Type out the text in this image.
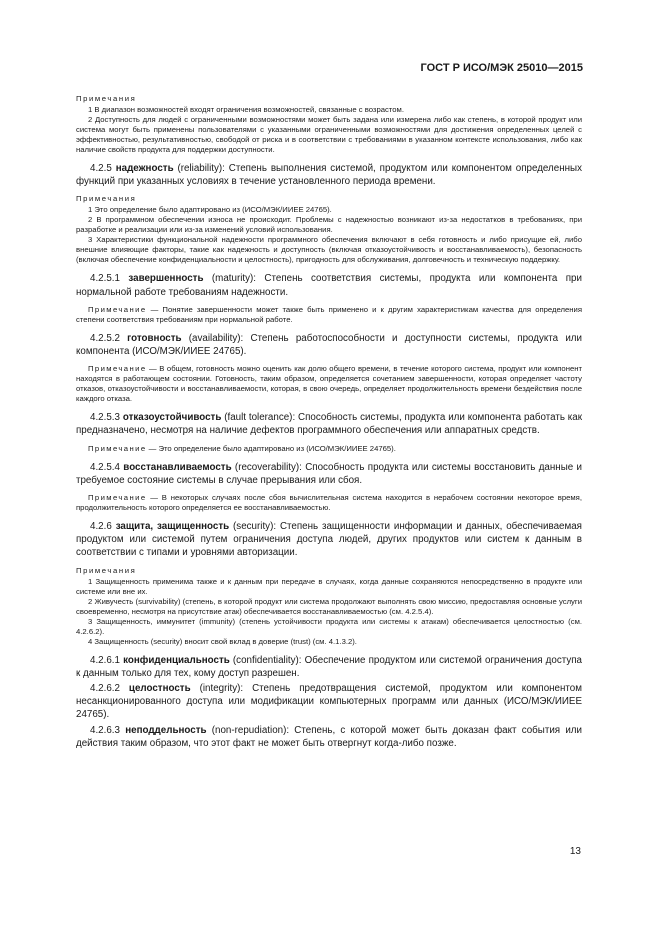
ГОСТ Р ИСО/МЭК 25010—2015
Примечания

1 В диапазон возможностей входят ограничения возможностей, связанные с возрастом.

2 Доступность для людей с ограниченными возможностями может быть задана или измерена либо как степень, в которой продукт или система могут быть применены пользователями с указанными ограниченными возможностями для достижения определенных целей с эффективностью, результативностью, свободой от риска и в соответствии с требованиями в указанном контексте использования, либо как наличие свойств продукта для поддержки доступности.

4.2.5 надежность (reliability): Степень выполнения системой, продуктом или компонентом определенных функций при указанных условиях в течение установленного периода времени.

Примечания

1 Это определение было адаптировано из (ИСО/МЭК/ИИЕЕ 24765).

2 В программном обеспечении износа не происходит. Проблемы с надежностью возникают из-за недостатков в требованиях, при разработке и реализации или из-за изменений условий использования.

3 Характеристики функциональной надежности программного обеспечения включают в себя готовность и либо присущие ей, либо внешние влияющие факторы, такие как надежность и доступность (включая отказоустойчивость и восстанавливаемость), безопасность (включая обеспечение конфиденциальности и целостность), пригодность для обслуживания, долговечность и техническую поддержку.

4.2.5.1 завершенность (maturity): Степень соответствия системы, продукта или компонента при нормальной работе требованиям надежности.

Примечание — Понятие завершенности может также быть применено и к другим характеристикам качества для определения степени соответствия требованиям при нормальной работе.

4.2.5.2 готовность (availability): Степень работоспособности и доступности системы, продукта или компонента (ИСО/МЭК/ИИЕЕ 24765).

Примечание — В общем, готовность можно оценить как долю общего времени, в течение которого система, продукт или компонент находятся в работающем состоянии. Готовность, таким образом, определяется сочетанием завершенности, которая определяет частоту отказов, отказоустойчивости и восстанавливаемости, которая, в свою очередь, определяет продолжительность времени бездействия после каждого отказа.

4.2.5.3 отказоустойчивость (fault tolerance): Способность системы, продукта или компонента работать как предназначено, несмотря на наличие дефектов программного обеспечения или аппаратных средств.

Примечание — Это определение было адаптировано из (ИСО/МЭК/ИИЕЕ 24765).

4.2.5.4 восстанавливаемость (recoverability): Способность продукта или системы восстановить данные и требуемое состояние системы в случае прерывания или сбоя.

Примечание — В некоторых случаях после сбоя вычислительная система находится в нерабочем состоянии некоторое время, продолжительность которого определяется ее восстанавливаемостью.

4.2.6 защита, защищенность (security): Степень защищенности информации и данных, обеспечиваемая продуктом или системой путем ограничения доступа людей, других продуктов или систем к данным в соответствии с типами и уровнями авторизации.

Примечания

1 Защищенность применима также и к данным при передаче в случаях, когда данные сохраняются непосредственно в продукте или системе или вне их.

2 Живучесть (survivability) (степень, в которой продукт или система продолжают выполнять свою миссию, предоставляя основные услуги своевременно, несмотря на присутствие атак) обеспечивается восстанавливаемостью (см. 4.2.5.4).

3 Защищенность, иммунитет (immunity) (степень устойчивости продукта или системы к атакам) обеспечивается целостностью (см. 4.2.6.2).

4 Защищенность (security) вносит свой вклад в доверие (trust) (см. 4.1.3.2).

4.2.6.1 конфиденциальность (confidentiality): Обеспечение продуктом или системой ограничения доступа к данным только для тех, кому доступ разрешен.

4.2.6.2 целостность (integrity): Степень предотвращения системой, продуктом или компонентом несанкционированного доступа или модификации компьютерных программ или данных (ИСО/МЭК/ИИЕЕ 24765).

4.2.6.3 неподдельность (non-repudiation): Степень, с которой может быть доказан факт события или действия таким образом, что этот факт не может быть отвергнут когда-либо позже.

13
